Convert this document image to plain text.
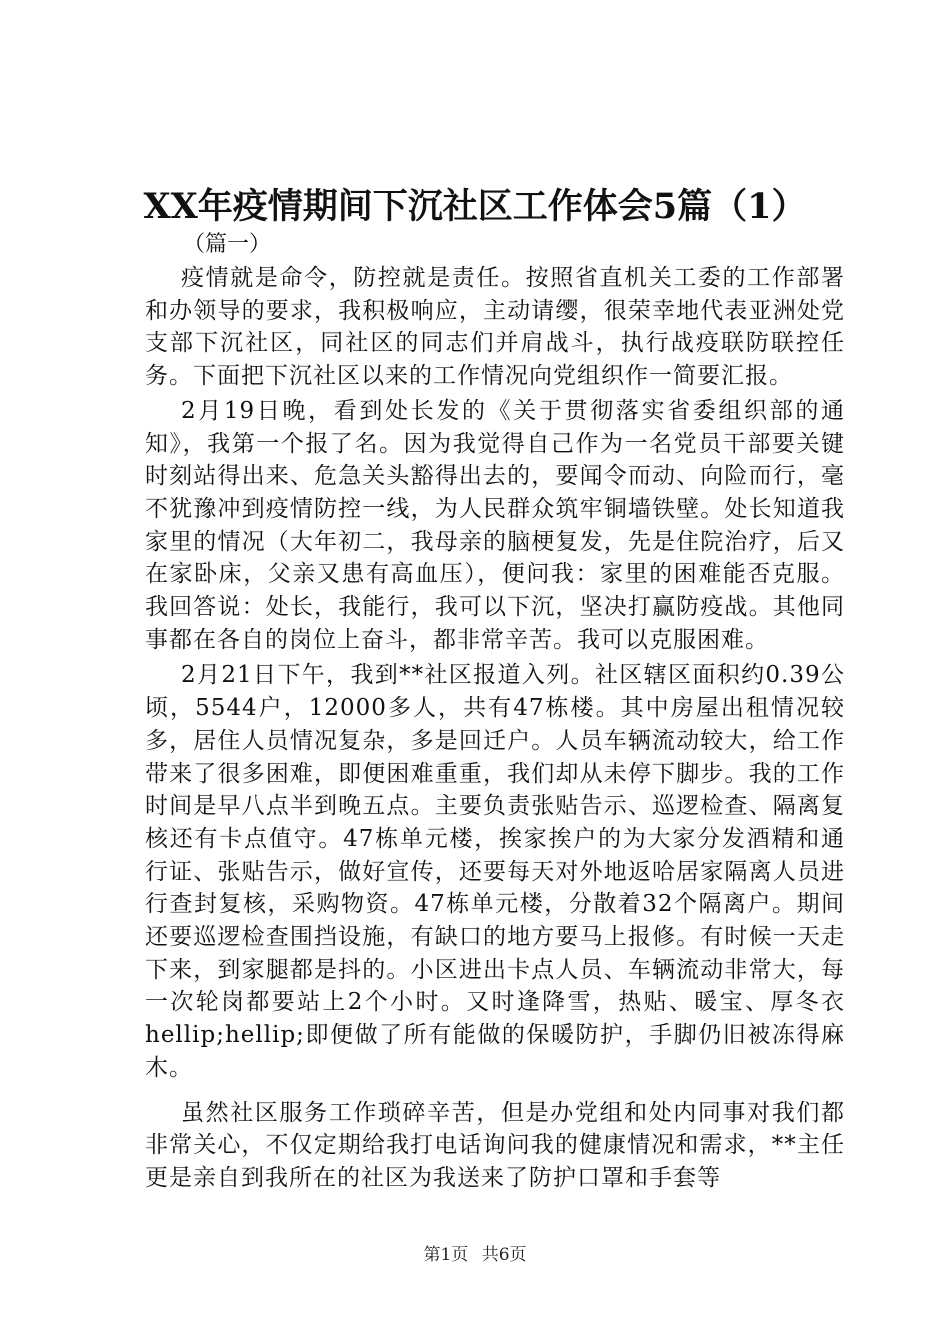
XX年疫情期间下沉社区工作体会5篇（1）

（篇一）

疫情就是命令，防控就是责任。按照省直机关工委的工作部署和办领导的要求，我积极响应，主动请缨，很荣幸地代表亚洲处党支部下沉社区，同社区的同志们并肩战斗，执行战疫联防联控任务。下面把下沉社区以来的工作情况向党组织作一简要汇报。

2月19日晚，看到处长发的《关于贯彻落实省委组织部的通知》，我第一个报了名。因为我觉得自己作为一名党员干部要关键时刻站得出来、危急关头豁得出去的，要闻令而动、向险而行，毫不犹豫冲到疫情防控一线，为人民群众筑牢铜墙铁壁。处长知道我家里的情况（大年初二，我母亲的脑梗复发，先是住院治疗，后又在家卧床，父亲又患有高血压），便问我：家里的困难能否克服。我回答说：处长，我能行，我可以下沉，坚决打赢防疫战。其他同事都在各自的岗位上奋斗，都非常辛苦。我可以克服困难。

2月21日下午，我到**社区报道入列。社区辖区面积约0.39公顷，5544户，12000多人，共有47栋楼。其中房屋出租情况较多，居住人员情况复杂，多是回迁户。人员车辆流动较大，给工作带来了很多困难，即便困难重重，我们却从未停下脚步。我的工作时间是早八点半到晚五点。主要负责张贴告示、巡逻检查、隔离复核还有卡点值守。47栋单元楼，挨家挨户的为大家分发酒精和通行证、张贴告示，做好宣传，还要每天对外地返哈居家隔离人员进行查封复核，采购物资。47栋单元楼，分散着32个隔离户。期间还要巡逻检查围挡设施，有缺口的地方要马上报修。有时候一天走下来，到家腿都是抖的。小区进出卡点人员、车辆流动非常大，每一次轮岗都要站上2个小时。又时逢降雪，热贴、暖宝、厚冬衣hellip;hellip;即便做了所有能做的保暖防护，手脚仍旧被冻得麻木。

虽然社区服务工作琐碎辛苦，但是办党组和处内同事对我们都非常关心，不仅定期给我打电话询问我的健康情况和需求，**主任更是亲自到我所在的社区为我送来了防护口罩和手套等

第1页 共6页
